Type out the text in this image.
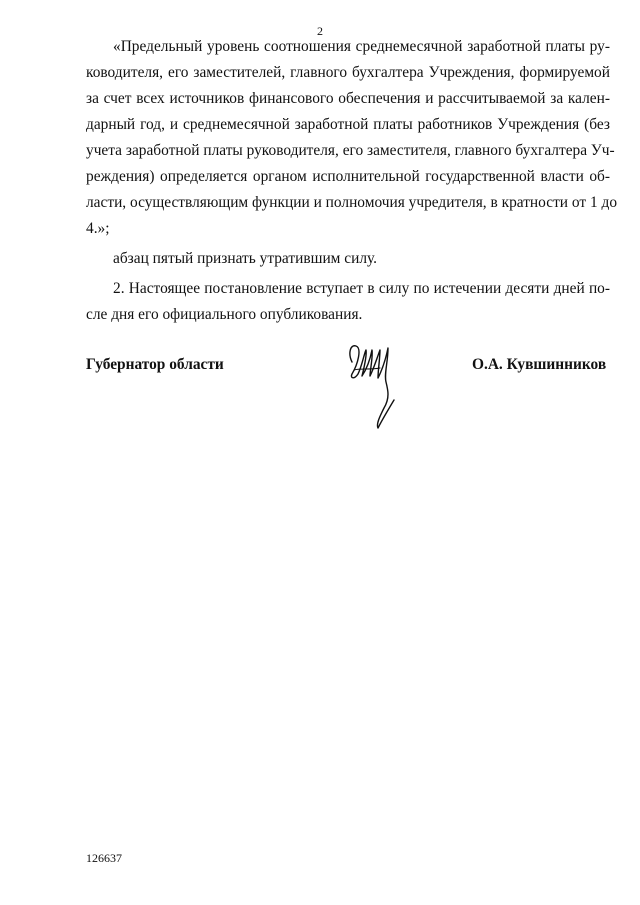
2
«Предельный уровень соотношения среднемесячной заработной платы ру-
ководителя, его заместителей, главного бухгалтера Учреждения, формируемой
за счет всех источников финансового обеспечения и рассчитываемой за кален-
дарный год, и среднемесячной заработной платы работников Учреждения (без
учета заработной платы руководителя, его заместителя, главного бухгалтера Уч-
реждения) определяется органом исполнительной государственной власти об-
ласти, осуществляющим функции и полномочия учредителя, в кратности от 1 до
4.»;
абзац пятый признать утратившим силу.
2. Настоящее постановление вступает в силу по истечении десяти дней по-
сле дня его официального опубликования.
Губернатор области	О.А. Кувшинников
126637
